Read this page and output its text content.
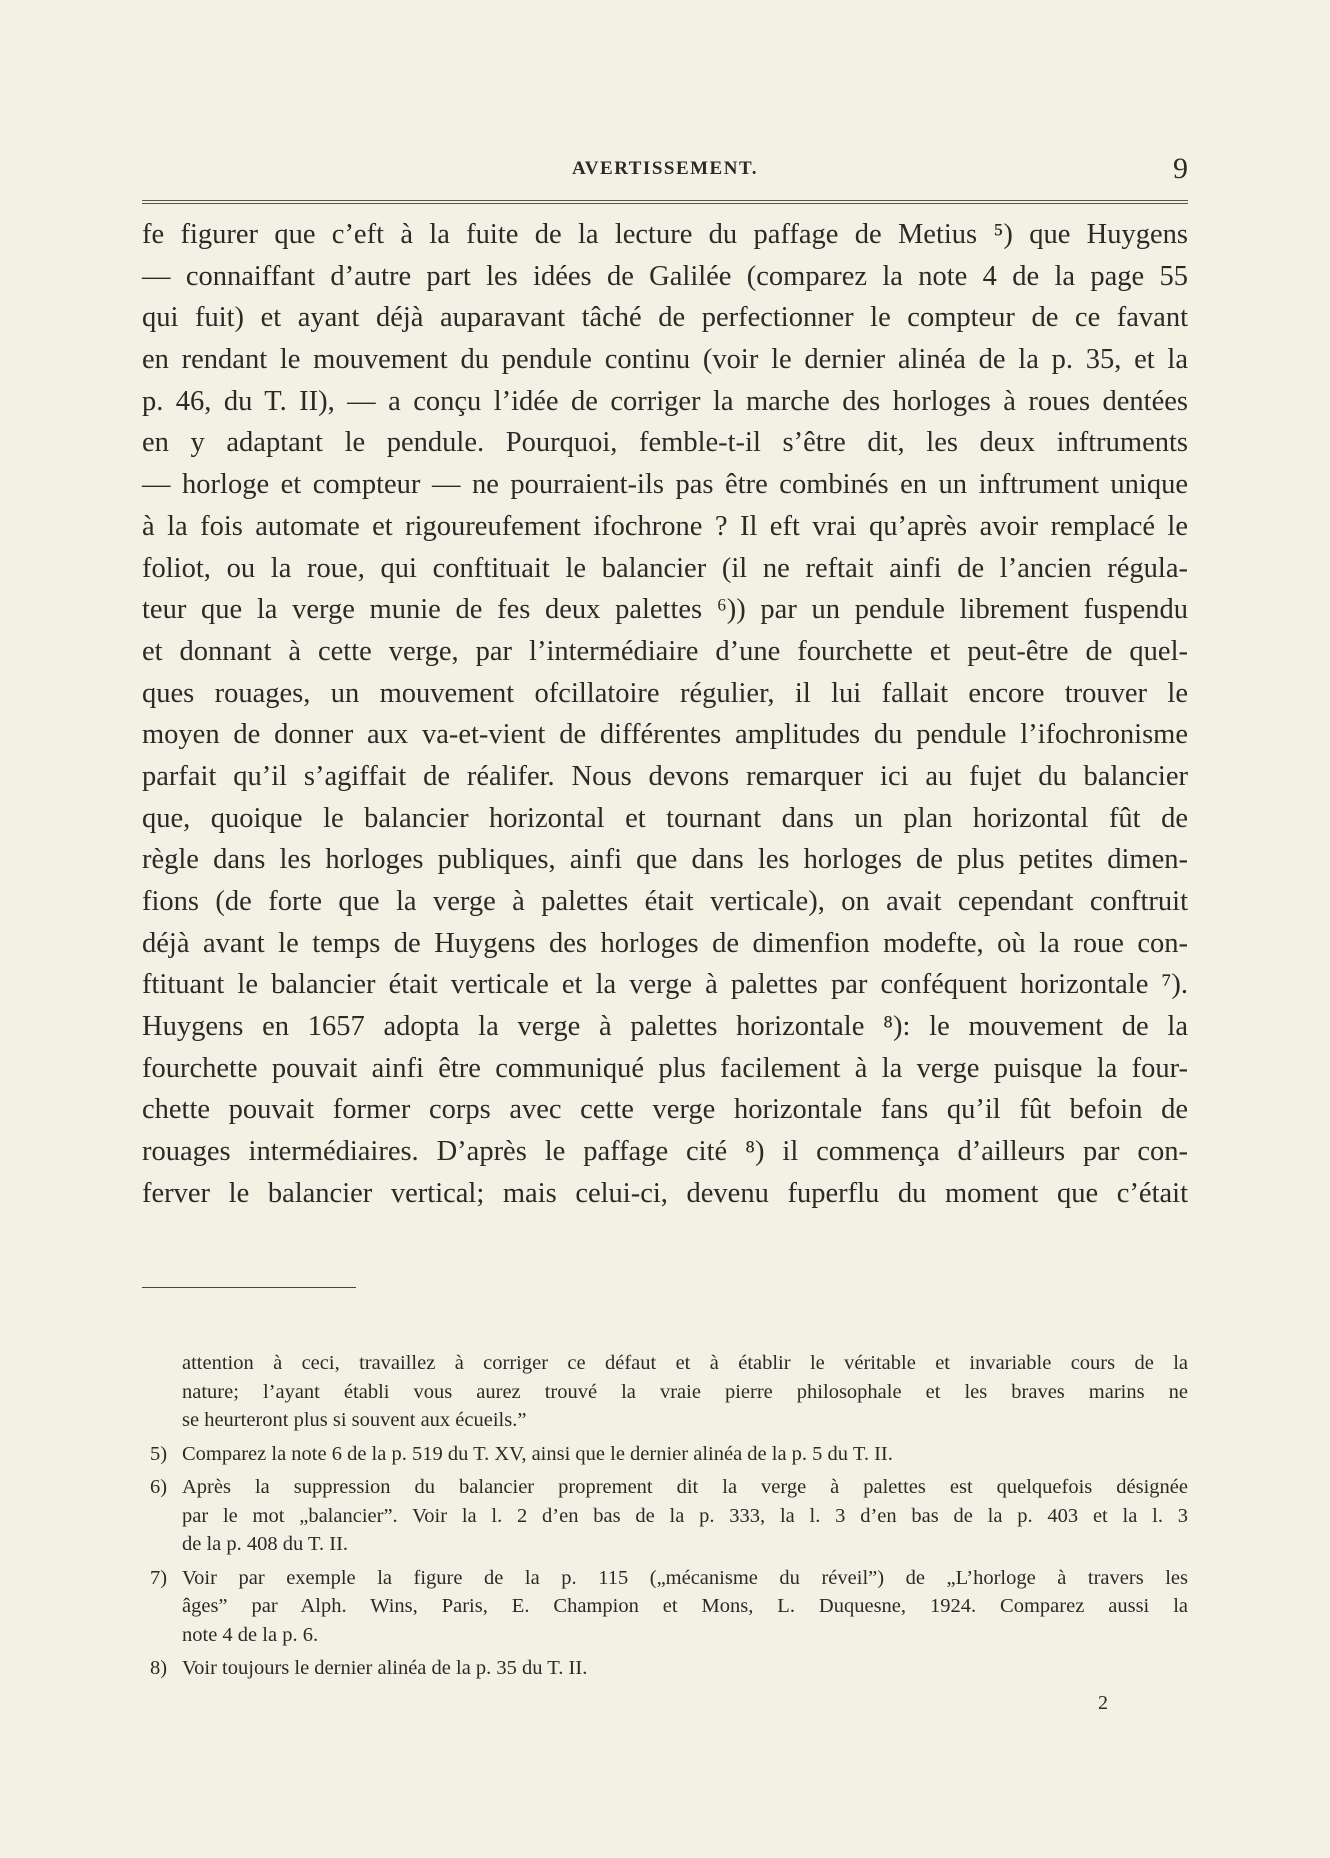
AVERTISSEMENT.	9
fe figurer que c’eft à la fuite de la lecture du paffage de Metius ⁵) que Huygens
— connaiffant d’autre part les idées de Galilée (comparez la note 4 de la page 55
qui fuit) et ayant déjà auparavant tâché de perfectionner le compteur de ce favant
en rendant le mouvement du pendule continu (voir le dernier alinéa de la p. 35, et la
p. 46, du T. II), — a conçu l’idée de corriger la marche des horloges à roues dentées
en y adaptant le pendule. Pourquoi, femble-t-il s’être dit, les deux inftruments
— horloge et compteur — ne pourraient-ils pas être combinés en un inftrument unique
à la fois automate et rigoureufement ifochrone ? Il eft vrai qu’après avoir remplacé le
foliot, ou la roue, qui conftituait le balancier (il ne reftait ainfi de l’ancien régula-
teur que la verge munie de fes deux palettes ⁶)) par un pendule librement fuspendu
et donnant à cette verge, par l’intermédiaire d’une fourchette et peut-être de quel-
ques rouages, un mouvement ofcillatoire régulier, il lui fallait encore trouver le
moyen de donner aux va-et-vient de différentes amplitudes du pendule l’ifochronisme
parfait qu’il s’agiffait de réalifer. Nous devons remarquer ici au fujet du balancier
que, quoique le balancier horizontal et tournant dans un plan horizontal fût de
règle dans les horloges publiques, ainfi que dans les horloges de plus petites dimen-
fions (de forte que la verge à palettes était verticale), on avait cependant conftruit
déjà avant le temps de Huygens des horloges de dimenfion modefte, où la roue con-
ftituant le balancier était verticale et la verge à palettes par conféquent horizontale ⁷).
Huygens en 1657 adopta la verge à palettes horizontale ⁸): le mouvement de la
fourchette pouvait ainfi être communiqué plus facilement à la verge puisque la four-
chette pouvait former corps avec cette verge horizontale fans qu’il fût befoin de
rouages intermédiaires. D’après le paffage cité ⁸) il commença d’ailleurs par con-
ferver le balancier vertical; mais celui-ci, devenu fuperflu du moment que c’était
attention à ceci, travaillez à corriger ce défaut et à établir le véritable et invariable cours de la
nature; l’ayant établi vous aurez trouvé la vraie pierre philosophale et les braves marins ne
se heurteront plus si souvent aux écueils.”
5) Comparez la note 6 de la p. 519 du T. XV, ainsi que le dernier alinéa de la p. 5 du T. II.
6) Après la suppression du balancier proprement dit la verge à palettes est quelquefois désignée
par le mot „balancier”. Voir la l. 2 d’en bas de la p. 333, la l. 3 d’en bas de la p. 403 et la l. 3
de la p. 408 du T. II.
7) Voir par exemple la figure de la p. 115 („mécanisme du réveil”) de „L’horloge à travers les
âges” par Alph. Wins, Paris, E. Champion et Mons, L. Duquesne, 1924. Comparez aussi la
note 4 de la p. 6.
8) Voir toujours le dernier alinéa de la p. 35 du T. II.
2
